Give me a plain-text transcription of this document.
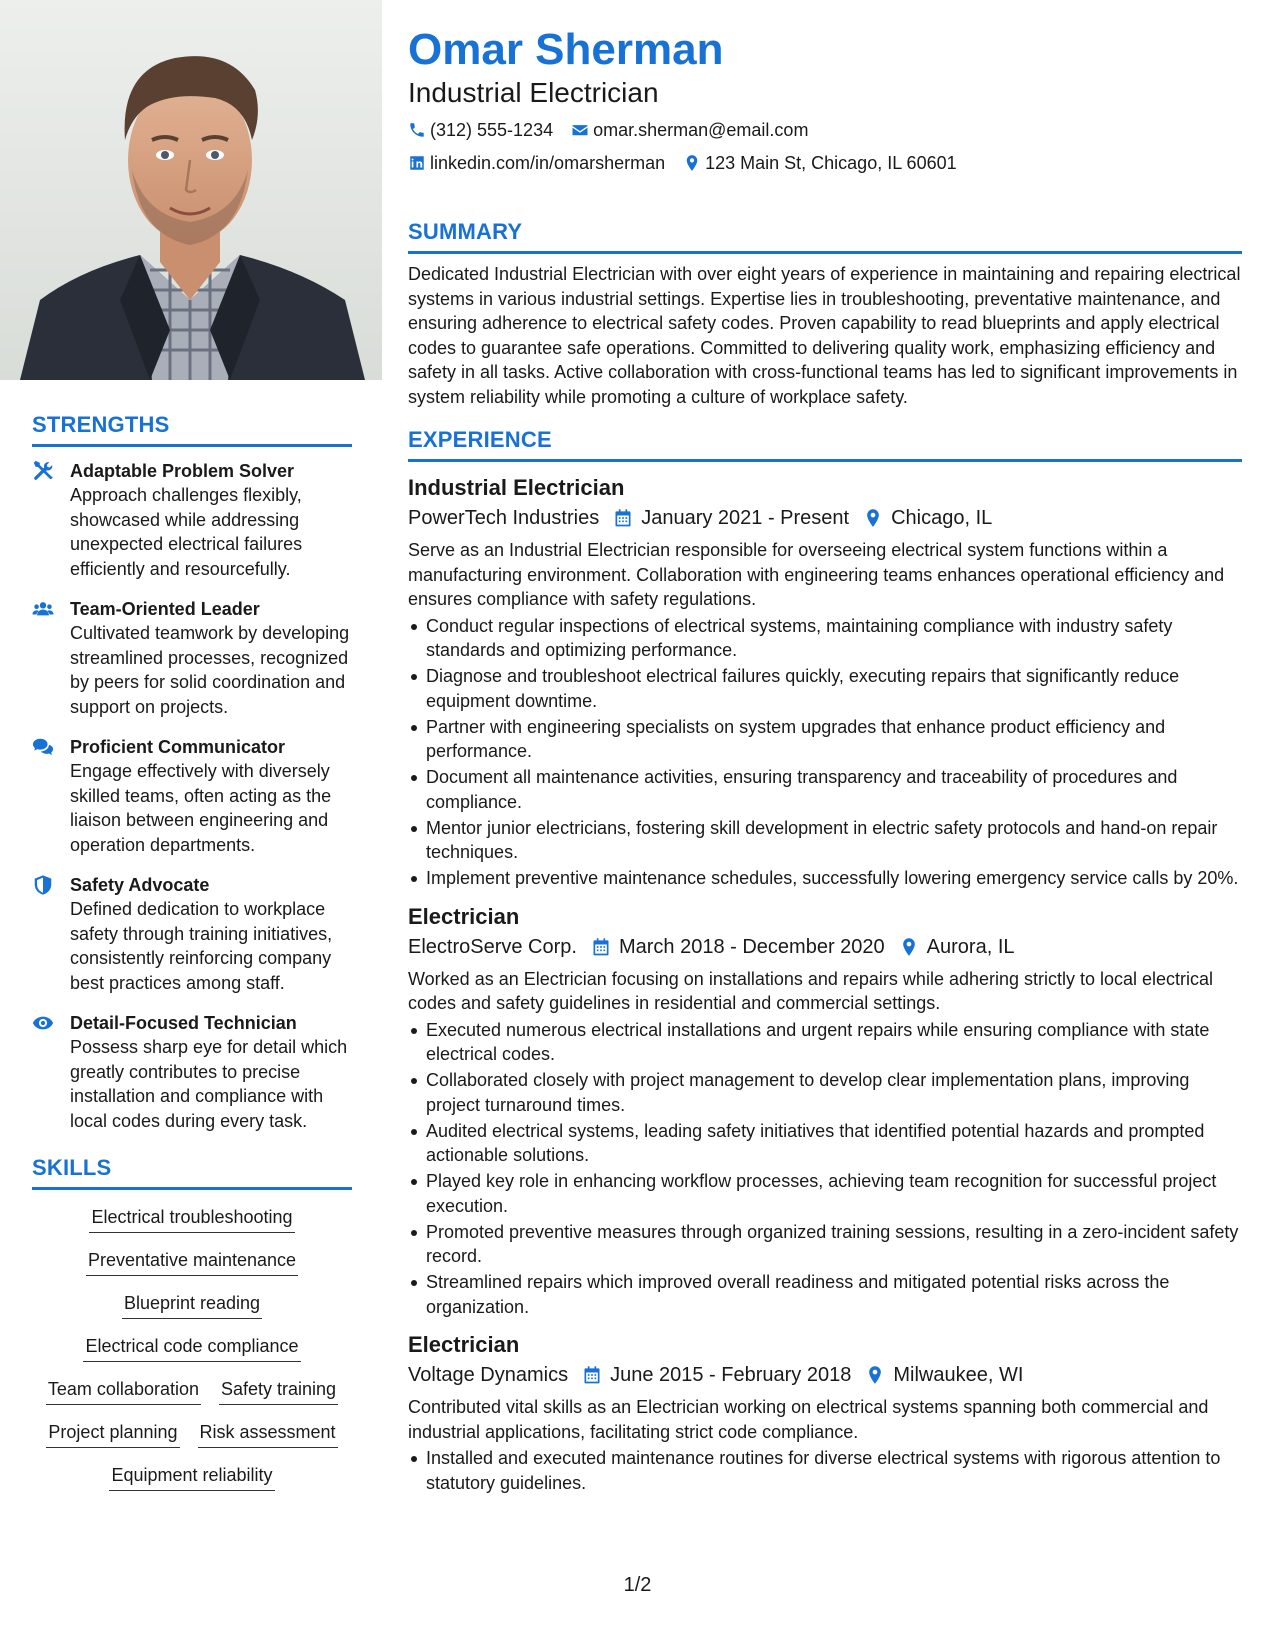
STRENGTHS
Adaptable Problem Solver
Approach challenges flexibly, showcased while addressing unexpected electrical failures efficiently and resourcefully.
Team-Oriented Leader
Cultivated teamwork by developing streamlined processes, recognized by peers for solid coordination and support on projects.
Proficient Communicator
Engage effectively with diversely skilled teams, often acting as the liaison between engineering and operation departments.
Safety Advocate
Defined dedication to workplace safety through training initiatives, consistently reinforcing company best practices among staff.
Detail-Focused Technician
Possess sharp eye for detail which greatly contributes to precise installation and compliance with local codes during every task.
SKILLS
Electrical troubleshooting
Preventative maintenance
Blueprint reading
Electrical code compliance
Team collaboration Safety training
Project planning Risk assessment
Equipment reliability
Omar Sherman
Industrial Electrician
(312) 555-1234 omar.sherman@email.com
linkedin.com/in/omarsherman 123 Main St, Chicago, IL 60601
SUMMARY
Dedicated Industrial Electrician with over eight years of experience in maintaining and repairing electrical systems in various industrial settings. Expertise lies in troubleshooting, preventative maintenance, and ensuring adherence to electrical safety codes. Proven capability to read blueprints and apply electrical codes to guarantee safe operations. Committed to delivering quality work, emphasizing efficiency and safety in all tasks. Active collaboration with cross-functional teams has led to significant improvements in system reliability while promoting a culture of workplace safety.
EXPERIENCE
Industrial Electrician
PowerTech Industries January 2021 - Present Chicago, IL
Serve as an Industrial Electrician responsible for overseeing electrical system functions within a manufacturing environment. Collaboration with engineering teams enhances operational efficiency and ensures compliance with safety regulations.
Conduct regular inspections of electrical systems, maintaining compliance with industry safety standards and optimizing performance.
Diagnose and troubleshoot electrical failures quickly, executing repairs that significantly reduce equipment downtime.
Partner with engineering specialists on system upgrades that enhance product efficiency and performance.
Document all maintenance activities, ensuring transparency and traceability of procedures and compliance.
Mentor junior electricians, fostering skill development in electric safety protocols and hand-on repair techniques.
Implement preventive maintenance schedules, successfully lowering emergency service calls by 20%.
Electrician
ElectroServe Corp. March 2018 - December 2020 Aurora, IL
Worked as an Electrician focusing on installations and repairs while adhering strictly to local electrical codes and safety guidelines in residential and commercial settings.
Executed numerous electrical installations and urgent repairs while ensuring compliance with state electrical codes.
Collaborated closely with project management to develop clear implementation plans, improving project turnaround times.
Audited electrical systems, leading safety initiatives that identified potential hazards and prompted actionable solutions.
Played key role in enhancing workflow processes, achieving team recognition for successful project execution.
Promoted preventive measures through organized training sessions, resulting in a zero-incident safety record.
Streamlined repairs which improved overall readiness and mitigated potential risks across the organization.
Electrician
Voltage Dynamics June 2015 - February 2018 Milwaukee, WI
Contributed vital skills as an Electrician working on electrical systems spanning both commercial and industrial applications, facilitating strict code compliance.
Installed and executed maintenance routines for diverse electrical systems with rigorous attention to statutory guidelines.
1/2
